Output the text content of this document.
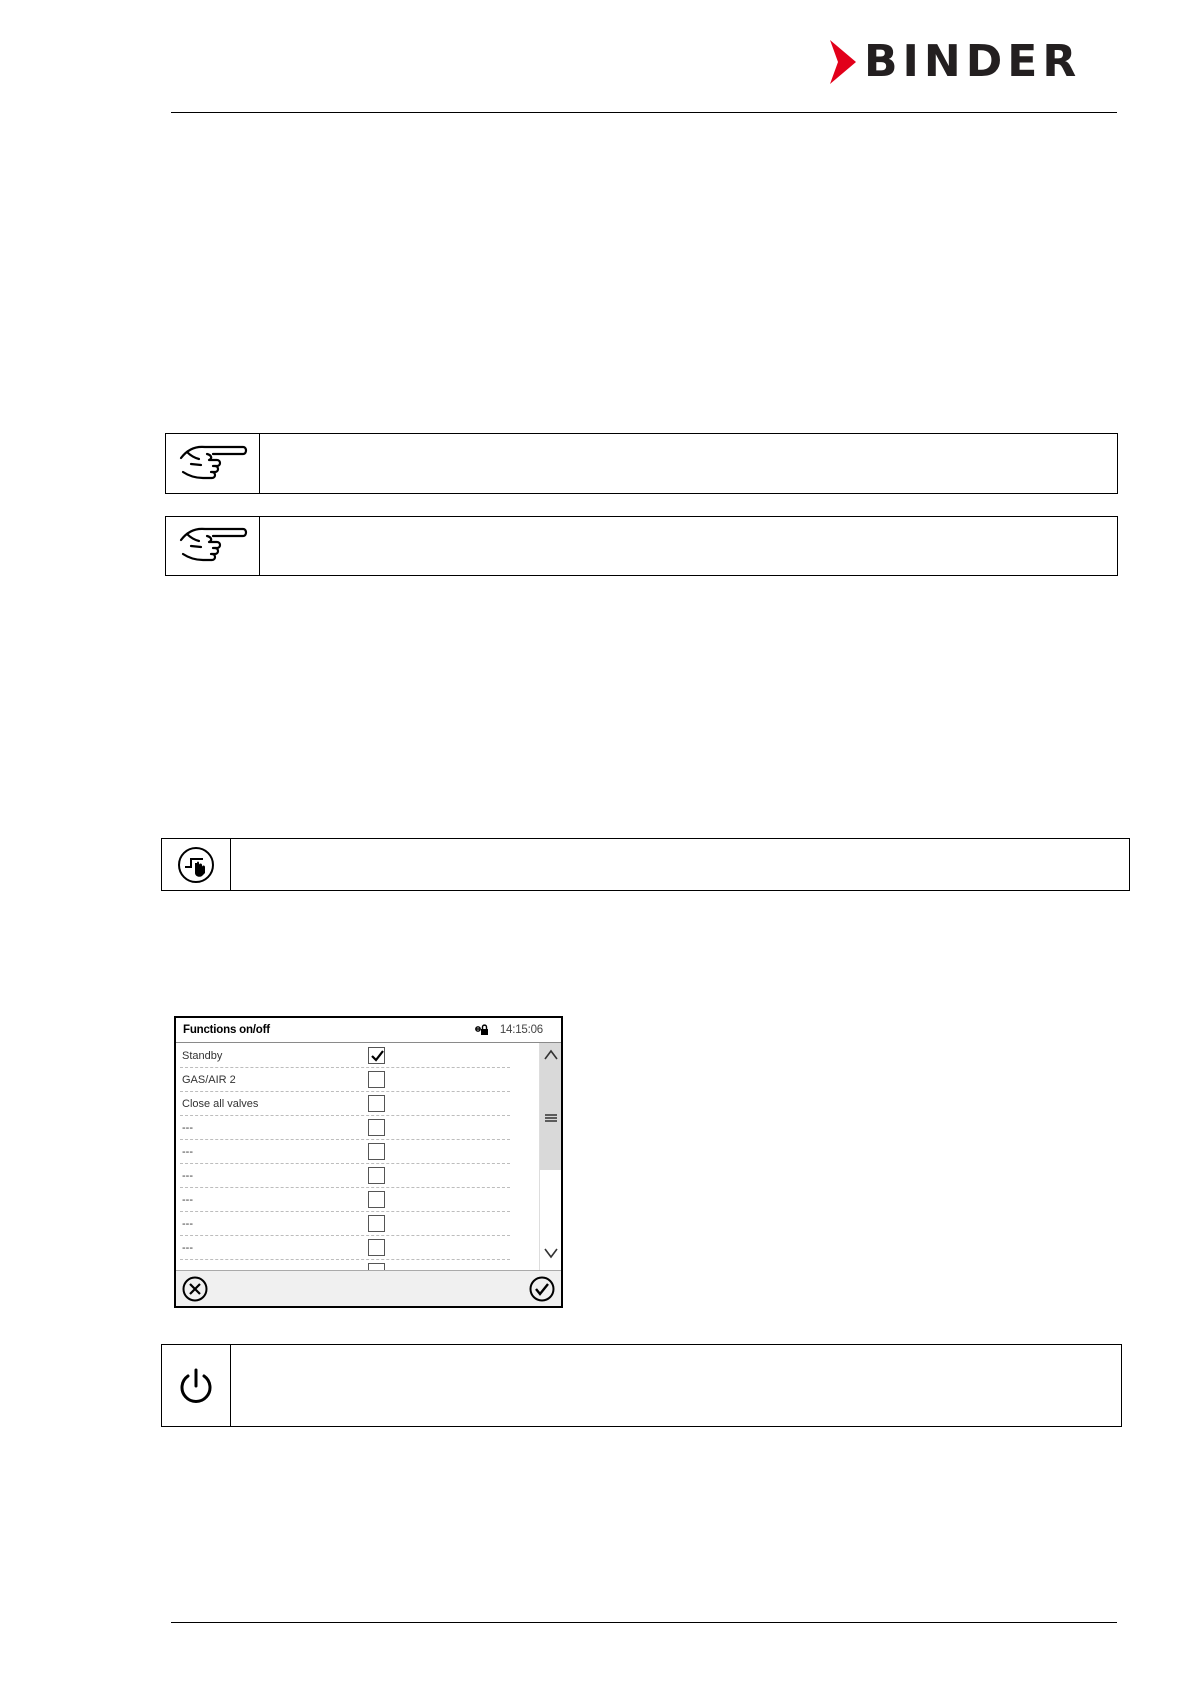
BINDER
Functions on/off	14:15:06
Standby
GAS/AIR 2
Close all valves
---
---
---
---
---
---
